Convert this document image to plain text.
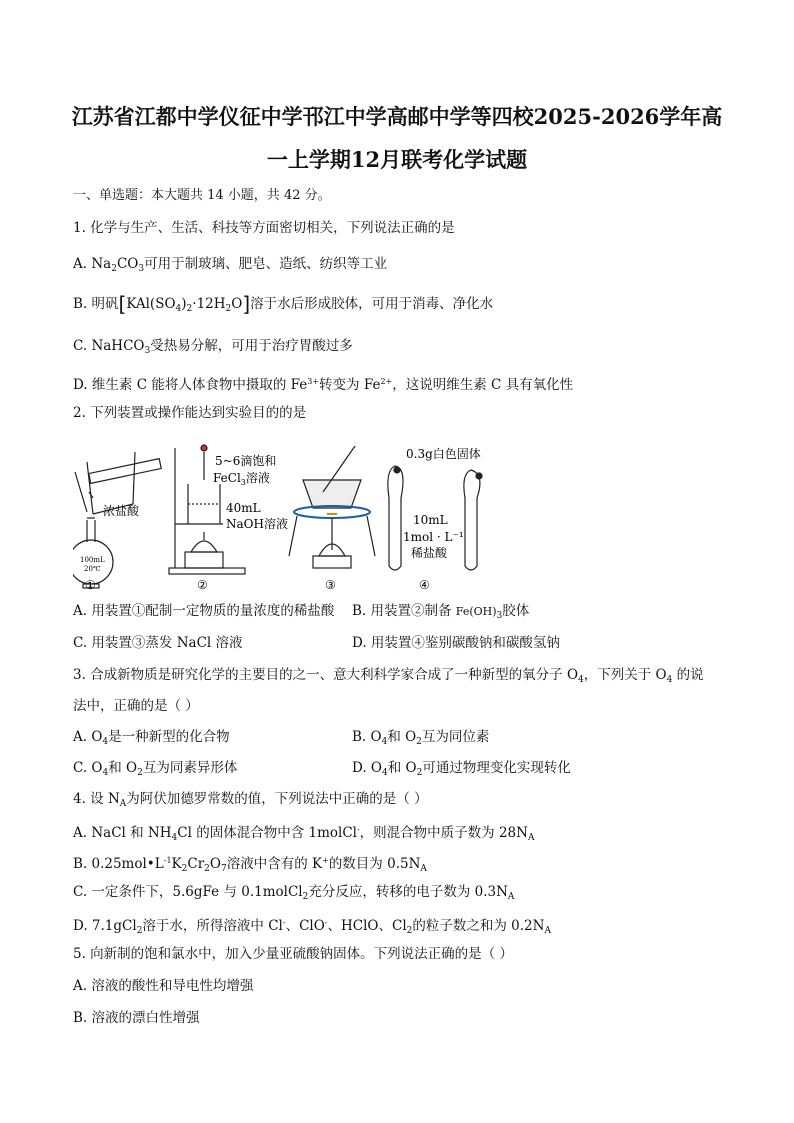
江苏省江都中学仪征中学邗江中学高邮中学等四校2025-2026学年高
一上学期12月联考化学试题
一、单选题：本大题共 14 小题，共 42 分。
1. 化学与生产、生活、科技等方面密切相关，下列说法正确的是
A. $Na_2CO_3$可用于制玻璃、肥皂、造纸、纺织等工业
B. 明矾$[KAl(SO_4)_2\cdot 12H_2O]$溶于水后形成胶体，可用于消毒、净化水
C. NaHCO$_3$受热易分解，可用于治疗胃酸过多
D. 维生素 C 能将人体食物中摄取的 $Fe^{3+}$转变为 $Fe^{2+}$，这说明维生素 C 具有氧化性
2. 下列装置或操作能达到实验目的的是
浓盐酸
100mL
20℃
①
5~6滴饱和
FeCl$_3$溶液
40mL
NaOH溶液
②	③
0.3g白色固体
10mL
1mol · L⁻¹
稀盐酸
④
A. 用装置①配制一定物质的量浓度的稀盐酸 B. 用装置②制备 $Fe(OH)_3$胶体
C. 用装置③蒸发 NaCl 溶液	D. 用装置④鉴别碳酸钠和碳酸氢钠
3. 合成新物质是研究化学的主要目的之一、意大利科学家合成了一种新型的氧分子 $O_4$，下列关于 $O_4$ 的说
法中，正确的是（ ）
A. $O_4$是一种新型的化合物	B. $O_4$和 $O_2$互为同位素
C. $O_4$和 $O_2$互为同素异形体	D. $O_4$和 $O_2$可通过物理变化实现转化
4. 设 $N_A$为阿伏加德罗常数的值，下列说法中正确的是（ ）
A. NaCl 和 $NH_4Cl$ 的固体混合物中含 1molCl-，则混合物中质子数为 $28N_A$
B. $0.25mol•L^{-1}K_2Cr_2O_7$溶液中含有的 K+的数目为 $0.5N_A$
C. 一定条件下，5.6gFe 与 0.1molCl$_2$充分反应，转移的电子数为 $0.3N_A$
D. 7.1gCl$_2$溶于水，所得溶液中 Cl-、ClO-、HClO、$Cl_2$的粒子数之和为 $0.2N_A$
5. 向新制的饱和氯水中，加入少量亚硫酸钠固体。下列说法正确的是（ ）
A. 溶液的酸性和导电性均增强
B. 溶液的漂白性增强
